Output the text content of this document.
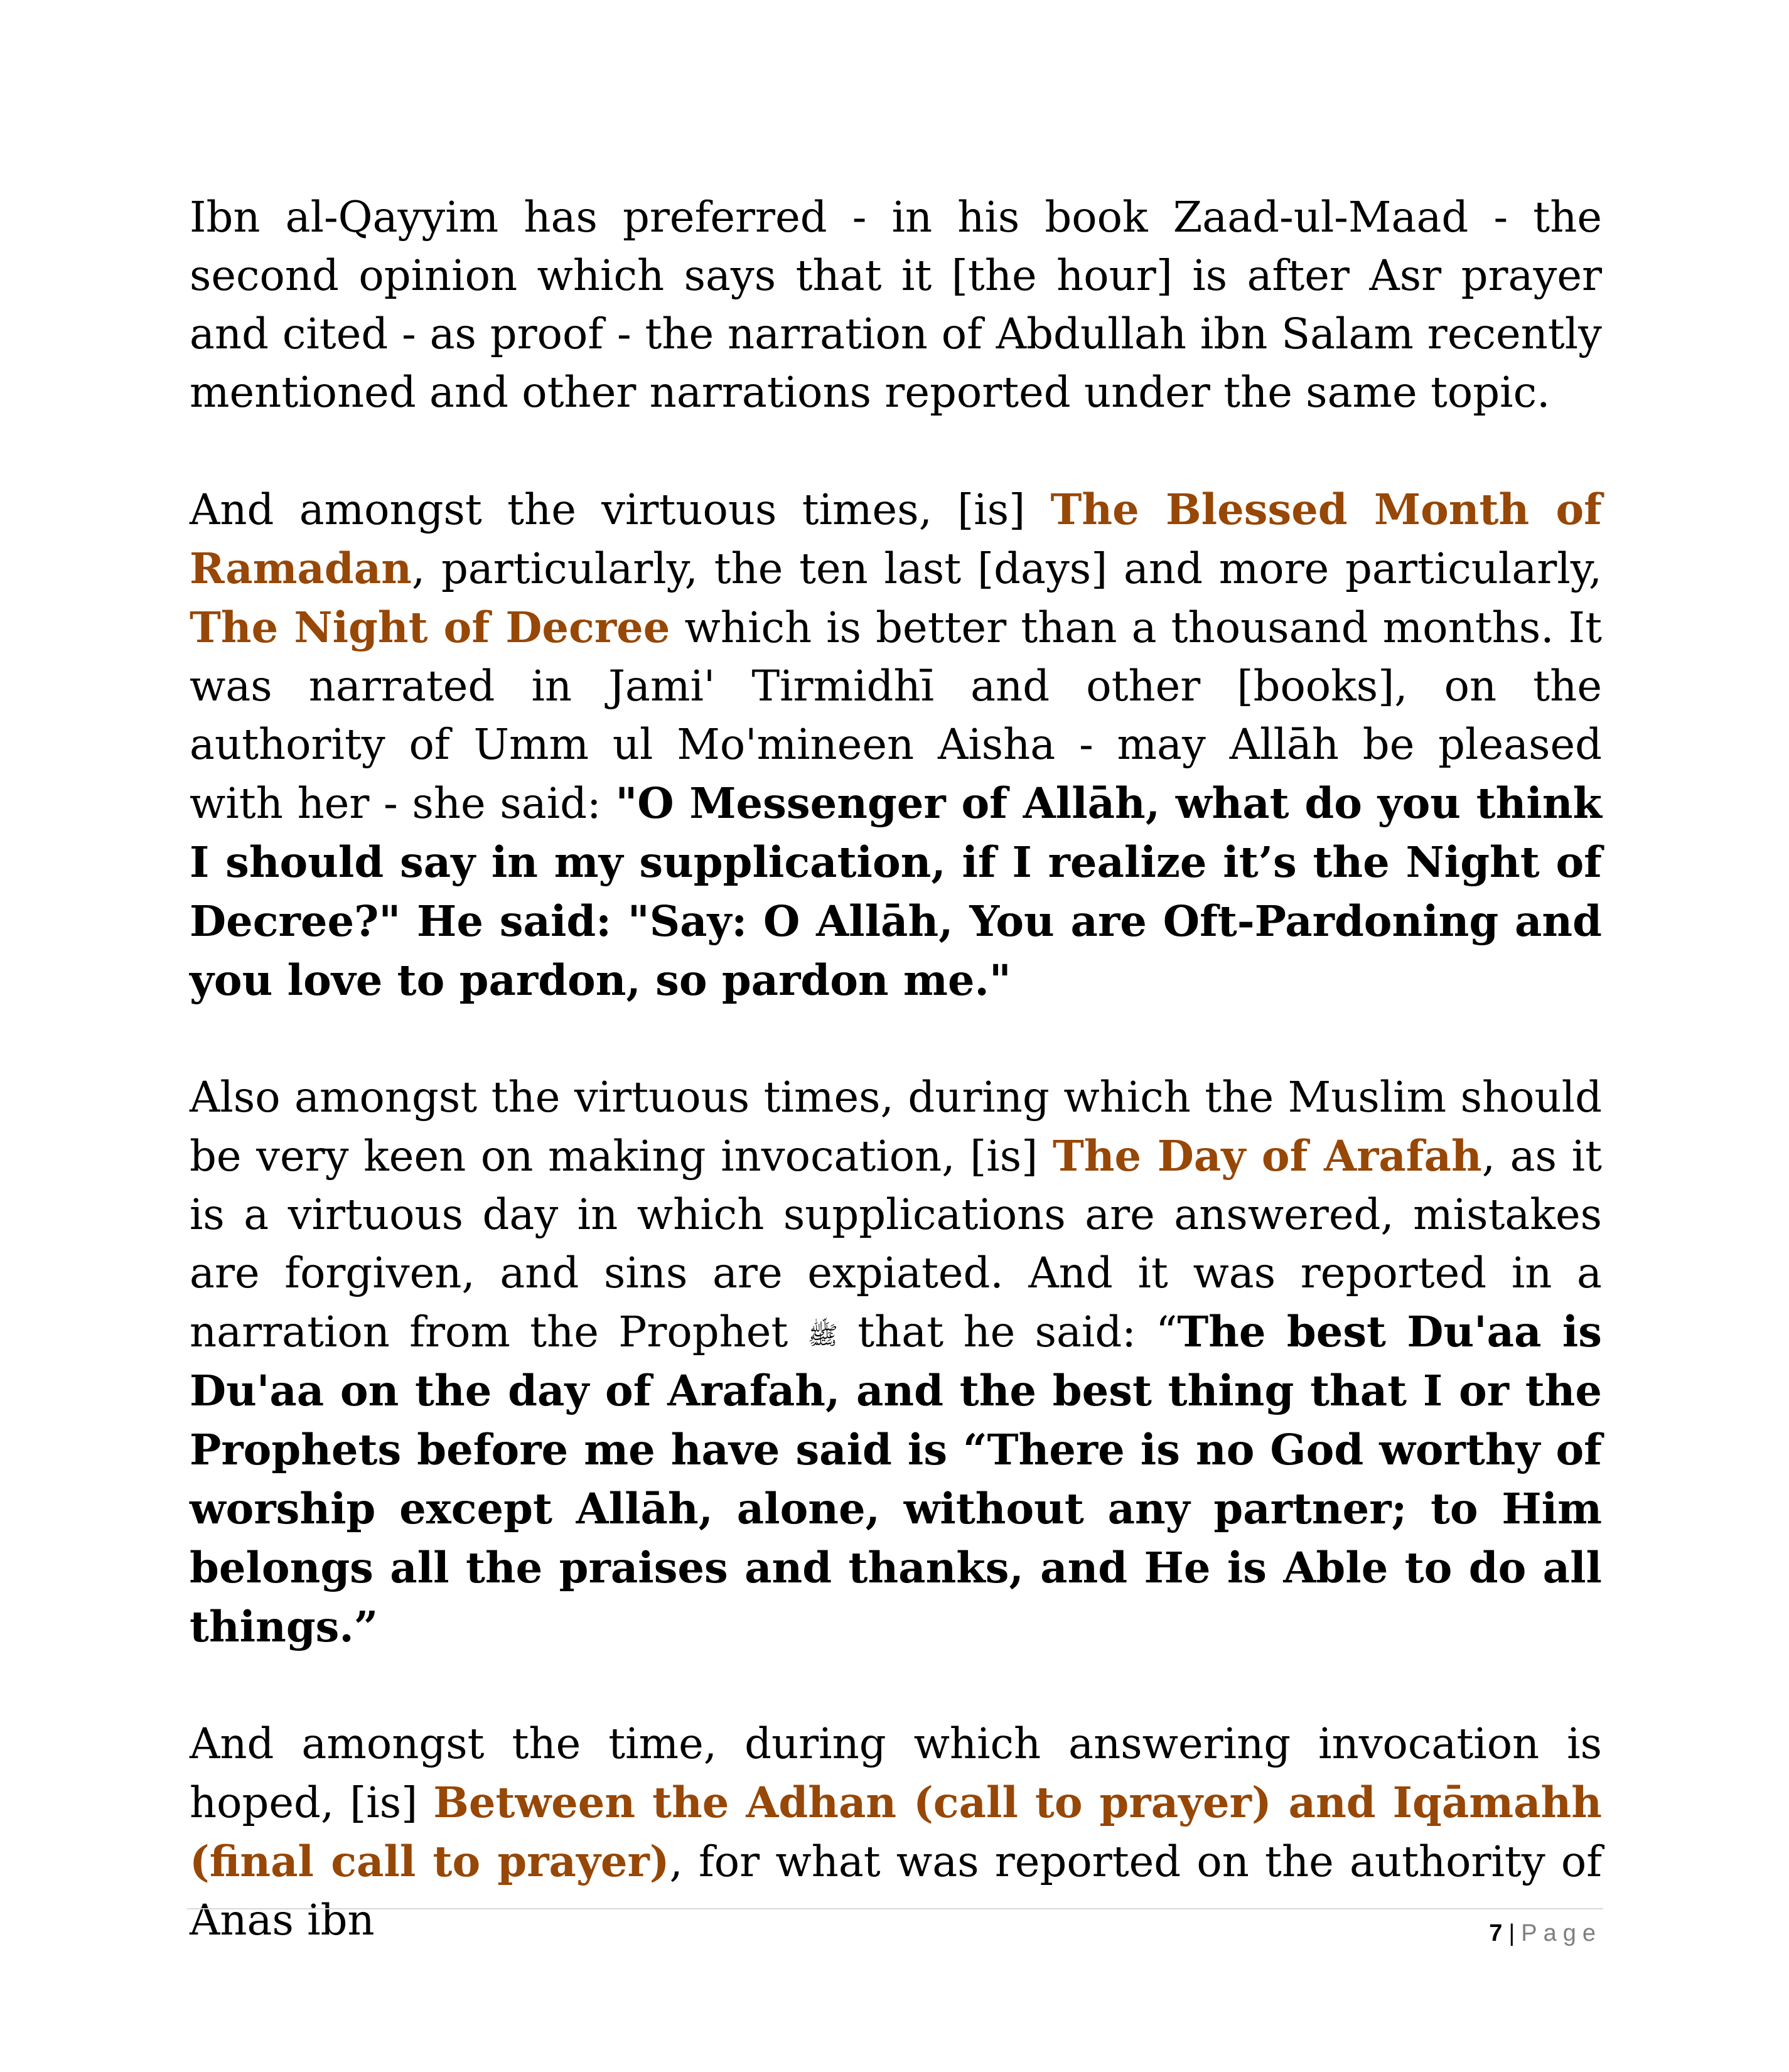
Ibn al-Qayyim has preferred - in his book Zaad-ul-Maad - the second opinion which says that it [the hour] is after Asr prayer and cited - as proof - the narration of Abdullah ibn Salam recently mentioned and other narrations reported under the same topic.

And amongst the virtuous times, [is] The Blessed Month of Ramadan, particularly, the ten last [days] and more particularly, The Night of Decree which is better than a thousand months. It was narrated in Jami' Tirmidhī and other [books], on the authority of Umm ul Mo'mineen Aisha - may Allāh be pleased with her - she said: "O Messenger of Allāh, what do you think I should say in my supplication, if I realize it’s the Night of Decree?" He said: "Say: O Allāh, You are Oft-Pardoning and you love to pardon, so pardon me."

Also amongst the virtuous times, during which the Muslim should be very keen on making invocation, [is] The Day of Arafah, as it is a virtuous day in which supplications are answered, mistakes are forgiven, and sins are expiated. And it was reported in a narration from the Prophet ﷺ that he said: “The best Du'aa is Du'aa on the day of Arafah, and the best thing that I or the Prophets before me have said is “There is no God worthy of worship except Allāh, alone, without any partner; to Him belongs all the praises and thanks, and He is Able to do all things.”

And amongst the time, during which answering invocation is hoped, [is] Between the Adhan (call to prayer) and Iqāmahh (final call to prayer), for what was reported on the authority of Anas ibn	7 | Page
